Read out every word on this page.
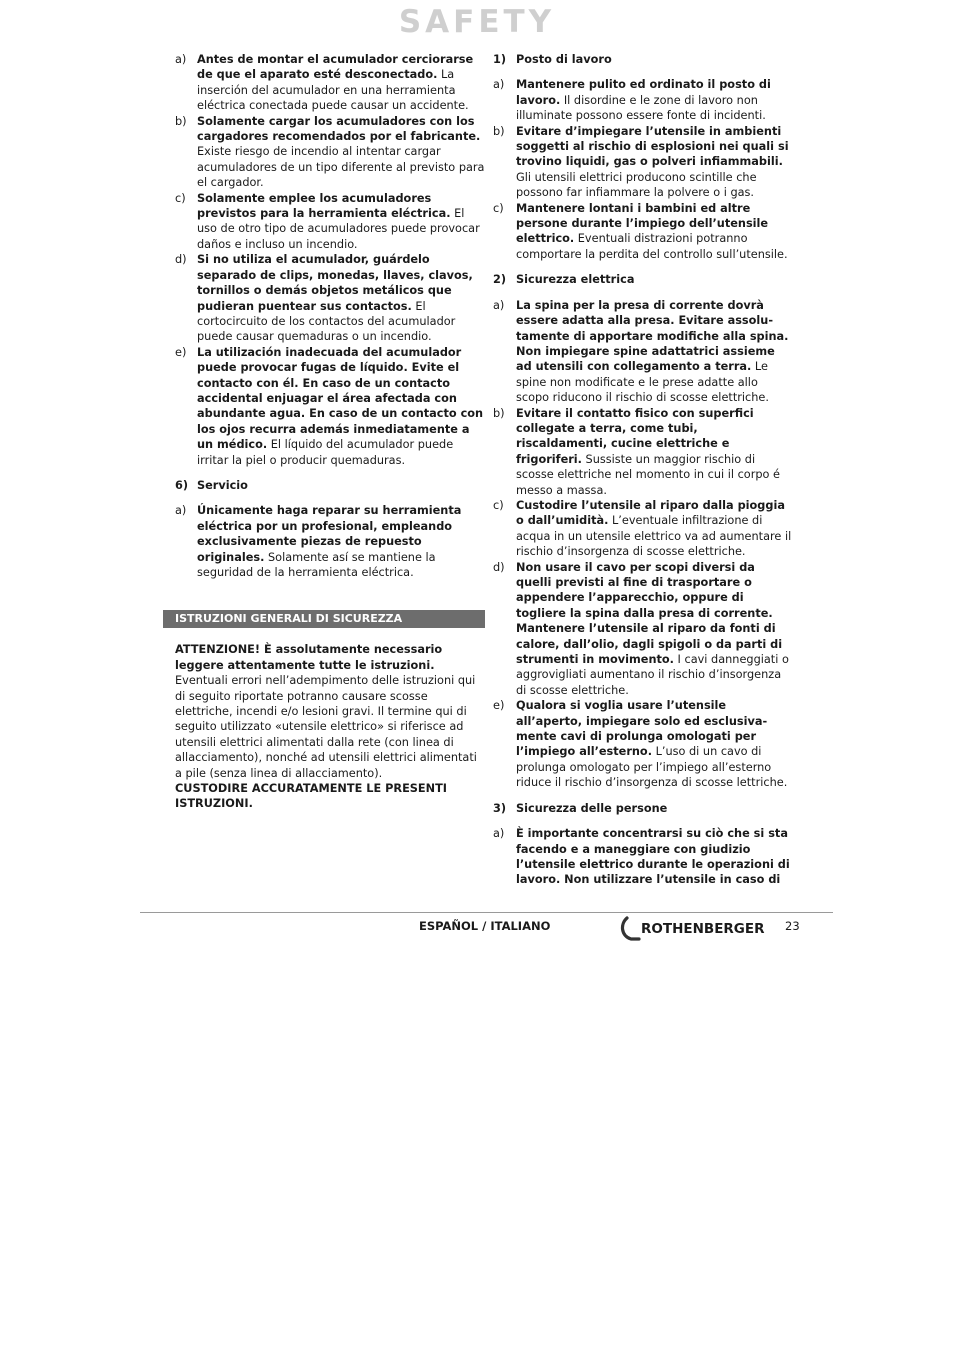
SAFETY
a) Antes de montar el acumulador cerciorarse de que el aparato esté desconectado. La inserción del acumulador en una herramienta eléctrica conectada puede causar un accidente.
b) Solamente cargar los acumuladores con los cargadores recomendados por el fabricante. Existe riesgo de incendio al intentar cargar acumuladores de un tipo diferente al previsto para el cargador.
c)	Solamente emplee los acumuladores previstos para la herramienta eléctrica. El uso de otro tipo de acumuladores puede provocar daños e incluso un incendio.
d) Si no utiliza el acumulador, guárdelo separado de clips, monedas, llaves, clavos, tornillos o demás objetos metálicos que pudieran puentear sus contactos. El cortocircuito de los contactos del acumulador puede causar quemaduras o un incendio.
e) La utilización inadecuada del acumulador puede provocar fugas de líquido. Evite el contacto con él. En caso de un contacto accidental enjuagar el área afectada con abundante agua. En caso de un contacto con los ojos recurra además inmediatamente a un médico. El líquido del acumulador puede irritar la piel o producir quemaduras.
6) Servicio
a) Únicamente haga reparar su herramienta eléctrica por un profesional, empleando exclusivamente piezas de repuesto originales. Solamente así se mantiene la seguridad de la herramienta eléctrica.
ISTRUZIONI GENERALI DI SICUREZZA
ATTENZIONE! È assolutamente necessario leggere attentamente tutte le istruzioni.
Eventuali errori nell’adempimento delle istruzioni qui di seguito riportate potranno causare scosse elettriche, incendi e/o lesioni gravi. Il termine qui di seguito utilizzato «utensile elettrico» si riferisce ad utensili elettrici alimentati dalla rete (con linea di allacciamento), nonché ad utensili elettrici alimentati a pile (senza linea di allacciamento).
CUSTODIRE ACCURATAMENTE LE PRESENTI ISTRUZIONI.
1) Posto di lavoro
a)	Mantenere pulito ed ordinato il posto di lavoro. Il disordine e le zone di lavoro non illuminate possono essere fonte di incidenti.
b)	Evitare d’impiegare l’utensile in ambienti soggetti al rischio di esplosioni nei quali si trovino liquidi, gas o polveri infiammabili. Gli utensili elettrici producono scintille che possono far infiammare la polvere o i gas.
c)	Mantenere lontani i bambini ed altre persone durante l’impiego dell’utensile elettrico. Eventuali distrazioni potranno comportare la perdita del controllo sull’utensile.
2) Sicurezza elettrica
a)	La spina per la presa di corrente dovrà essere adatta alla presa. Evitare assolutamente di apportare modifiche alla spina. Non impiegare spine adattatrici assieme ad utensili con collegamento a terra. Le spine non modificate e le prese adatte allo scopo riducono il rischio di scosse elettriche.
b)	Evitare il contatto fisico con superfici collegate a terra, come tubi, riscaldamenti, cucine elettriche e frigoriferi. Sussiste un maggior rischio di scosse elettriche nel momento in cui il corpo é messo a massa.
c)	Custodire l’utensile al riparo dalla pioggia o dall’umidità. L’eventuale infiltrazione di acqua in un utensile elettrico va ad aumentare il rischio d’insorgenza di scosse elettriche.
d)	Non usare il cavo per scopi diversi da quelli previsti al fine di trasportare o appendere l’apparecchio, oppure di togliere la spina dalla presa di corrente. Mantenere l’utensile al riparo da fonti di calore, dall’olio, dagli spigoli o da parti di strumenti in movimento. I cavi danneggiati o aggrovigliati aumentano il rischio d’insorgenza di scosse elettriche.
e)	Qualora si voglia usare l’utensile all’aperto, impiegare solo ed esclusivamente cavi di prolunga omologati per l’impiego all’esterno. L’uso di un cavo di prolunga omologato per l’impiego all’esterno riduce il rischio d’insorgenza di scosse lettriche.
3) Sicurezza delle persone
a)	È importante concentrarsi su ciò che si sta facendo e a maneggiare con giudizio l’utensile elettrico durante le operazioni di lavoro. Non utilizzare l’utensile in caso di
ESPAÑOL / ITALIANO	ROTHENBERGER 23
